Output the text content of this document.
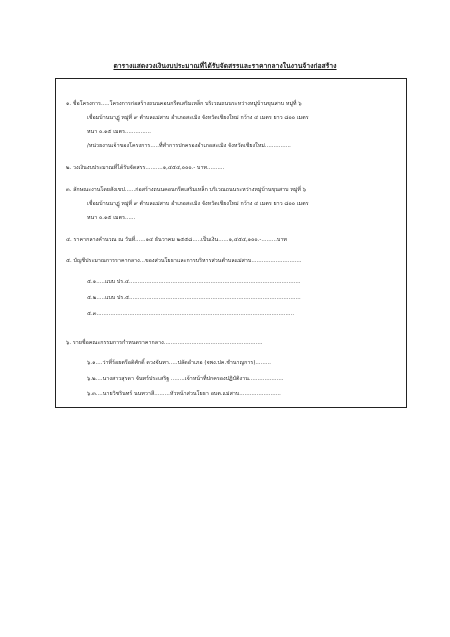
ตารางแสดงวงเงินงบประมาณที่ได้รับจัดสรรและราคากลางในงานจ้างก่อสร้าง
๑. ชื่อโครงการ.....โครงการก่อสร้างถนนคอนกรีตเสริมเหล็ก บริเวณถนนระหว่างหมู่บ้านขุนสาบ หมู่ที่ ๖
เชื่อมบ้านนาฏู่ หมู่ที่ ๙ ตำบลแม่สาบ อำเภอสะเมิง จังหวัดเชียงใหม่ กว้าง ๔ เมตร ยาว ๘๐๐ เมตร
หนา ๐.๑๕ เมตร...............
/หน่วยงานเจ้าของโครงการ.....ที่ทำการปกครองอำเภอสะเมิง จังหวัดเชียงใหม่...............
๒. วงเงินงบประมาณที่ได้รับจัดสรร..........๑,๔๕๔,๐๐๐.- บาท..........
๓. ลักษณะงานโดยสังเขป......ก่อสร้างถนนคอนกรีตเสริมเหล็ก บริเวณถนนระหว่างหมู่บ้านขุนสาบ หมู่ที่ ๖
เชื่อมบ้านนาฏู่ หมู่ที่ ๙ ตำบลแม่สาบ อำเภอสะเมิง จังหวัดเชียงใหม่ กว้าง ๔ เมตร ยาว ๘๐๐ เมตร
หนา ๐.๑๕ เมตร......
๔. ราคากลางคำนวณ ณ วันที่......๑๔ ธันวาคม ๒๕๕๘.....เป็นเงิน......๑,๔๕๔,๑๐๐.-.........บาท
๕. บัญชีประมาณการราคากลาง...ของส่วนโยธาและการบริหารส่วนตำบลแม่สาบ.............................
๕.๑.....แบบ ปร.๔...................................................................................................
๕.๒.....แบบ ปร.๕...................................................................................................
๕.๓..................................................................................................................
๖. รายชื่อคณะกรรมการกำหนดราคากลาง.........................................................
๖.๑....ว่าที่ร้อยตรีอดิศักดิ์ ดวงจันทา.....ปลัดอำเภอ (จพง.ปค.ชำนาญการ).........
๖.๒....นางสาวสุรดา จันทร์ประเสริฐ ........เจ้าหน้าที่ปกครองปฏิบัติงาน....................
๖.๓....นายวิชรินทร์ นนทวาสี.........หัวหน้าส่วนโยธา อบต.แม่สาบ........................
